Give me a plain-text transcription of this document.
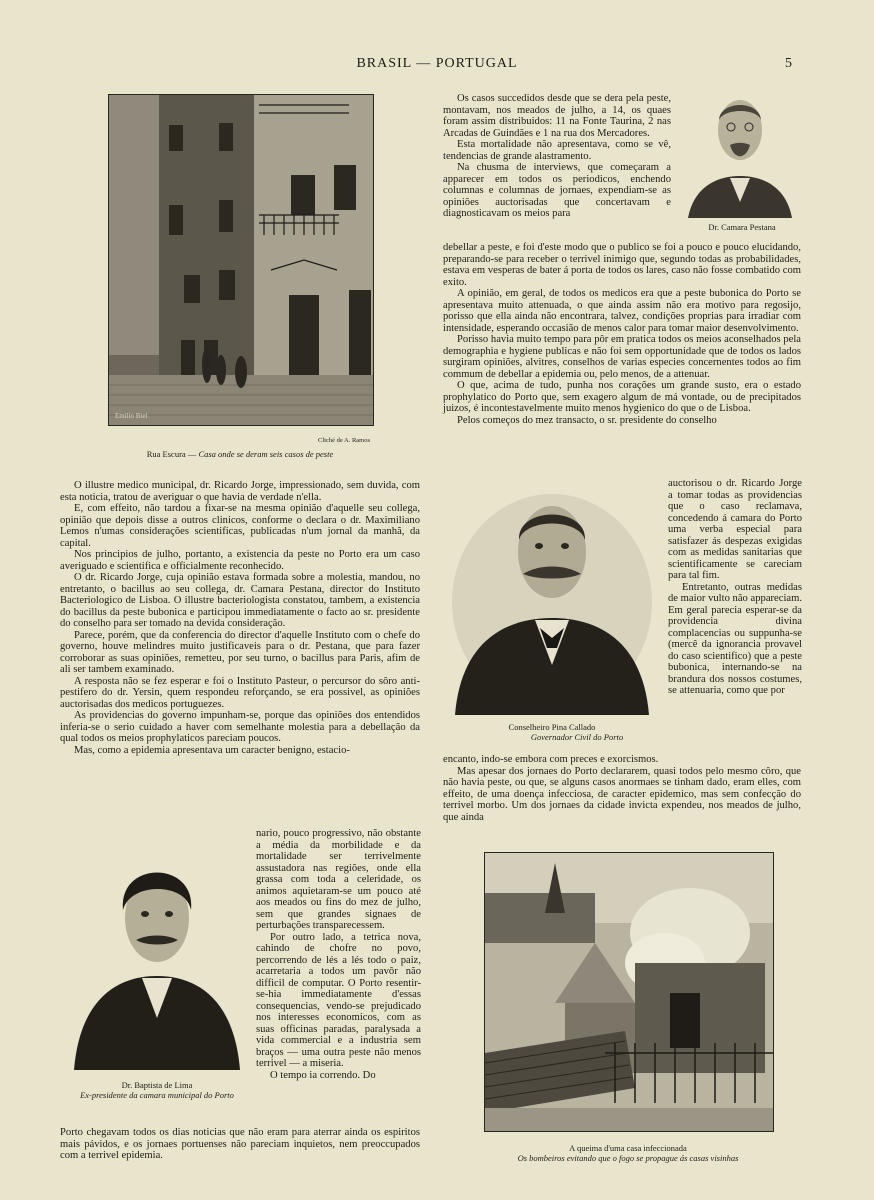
BRASIL — PORTUGAL	5
Emilio Biel
Cliché de A. Ramos
Rua Escura — Casa onde se deram seis casos de peste

Os casos succedidos desde que se dera pela peste, montavam, nos meados de julho, a 14, os quaes foram assim distribuidos: 11 na Fonte Taurina, 2 nas Arcadas de Guindães e 1 na rua dos Mercadores.

Esta mortalidade não apresentava, como se vê, tendencias de grande alastramento.

Na chusma de interviews, que começaram a apparecer em todos os periodicos, enchendo columnas e columnas de jornaes, expendiam-se as opiniões auctorisadas que concertavam e diagnosticavam os meios para

Dr. Camara Pestana

debellar a peste, e foi d'este modo que o publico se foi a pouco e pouco elucidando, preparando-se para receber o terrivel inimigo que, segundo todas as probabilidades, estava em vesperas de bater á porta de todos os lares, caso não fosse combatido com exito.

A opinião, em geral, de todos os medicos era que a peste bubonica do Porto se apresentava muito attenuada, o que ainda assim não era motivo para regosijo, porisso que ella ainda não encontrara, talvez, condições proprias para irradiar com intensidade, esperando occasião de menos calor para tomar maior desenvolvimento.

Porisso havia muito tempo para pôr em pratica todos os meios aconselhados pela demographia e hygiene publicas e não foi sem opportunidade que de todos os lados surgiram opiniões, alvitres, conselhos de varias especies concernentes todos ao fim commum de debellar a epidemia ou, pelo menos, de a attenuar.

O que, acima de tudo, punha nos corações um grande susto, era o estado prophylatico do Porto que, sem exagero algum de má vontade, ou de precipitados juizos, é incontestavelmente muito menos hygienico do que o de Lisboa.

Pelos começos do mez transacto, o sr. presidente do conselho

Conselheiro Pina Callado
Governador Civil do Porto

auctorisou o dr. Ricardo Jorge a tomar todas as providencias que o caso reclamava, concedendo á camara do Porto uma verba especial para satisfazer ás despezas exigidas com as medidas sanitarias que scientificamente se careciam para tal fim.

Entretanto, outras medidas de maior vulto não appareciam. Em geral parecia esperar-se da providencia divina complacencias ou suppunha-se (mercê da ignorancia provavel do caso scientifico) que a peste bubonica, internando-se na brandura dos nossos costumes, se attenuaria, como que por

encanto, indo-se embora com preces e exorcismos.

Mas apesar dos jornaes do Porto declararem, quasi todos pelo mesmo côro, que não havia peste, ou que, se alguns casos anormaes se tinham dado, eram elles, com effeito, de uma doença infecciosa, de caracter epidemico, mas sem confecção do terrivel morbo. Um dos jornaes da cidade invicta expendeu, nos meados de julho, que ainda

O illustre medico municipal, dr. Ricardo Jorge, impressionado, sem duvida, com esta noticia, tratou de averiguar o que havia de verdade n'ella.

E, com effeito, não tardou a fixar-se na mesma opinião d'aquelle seu collega, opinião que depois disse a outros clinicos, conforme o declara o dr. Maximiliano Lemos n'umas considerações scientificas, publicadas n'um jornal da manhã, da capital.

Nos principios de julho, portanto, a existencia da peste no Porto era um caso averiguado e scientifica e officialmente reconhecido.

O dr. Ricardo Jorge, cuja opinião estava formada sobre a molestia, mandou, no entretanto, o bacillus ao seu collega, dr. Camara Pestana, director do Instituto Bacteriologico de Lisboa. O illustre bacteriologista constatou, tambem, a existencia do bacillus da peste bubonica e participou immediatamente o facto ao sr. presidente do conselho para ser tomado na devida consideração.

Parece, porém, que da conferencia do director d'aquelle Instituto com o chefe do governo, houve melindres muito justificaveis para o dr. Pestana, que para fazer corroborar as suas opiniões, remetteu, por seu turno, o bacillus para Paris, afim de ali ser tambem examinado.

A resposta não se fez esperar e foi o Instituto Pasteur, o percursor do sôro anti-pestifero do dr. Yersin, quem respondeu reforçando, se era possivel, as opiniões auctorisadas dos medicos portuguezes.

As providencias do governo impunham-se, porque das opiniões dos entendidos inferia-se o serio cuidado a haver com semelhante molestia para a debellação da qual todos os meios prophylaticos pareciam poucos.

Mas, como a epidemia apresentava um caracter benigno, estacio-

Dr. Baptista de Lima
Ex-presidente da camara municipal do Porto

nario, pouco progressivo, não obstante a média da morbilidade e da mortalidade ser terrivelmente assustadora nas regiões, onde ella grassa com toda a celeridade, os animos aquietaram-se um pouco até aos meados ou fins do mez de julho, sem que grandes signaes de perturbações transparecessem.

Por outro lado, a tetrica nova, cahindo de chofre no povo, percorrendo de lés a lés todo o paiz, acarretaria a todos um pavôr não difficil de computar. O Porto resentir-se-hia immediatamente d'essas consequencias, vendo-se prejudicado nos interesses economicos, com as suas officinas paradas, paralysada a vida commercial e a industria sem braços — uma outra peste não menos terrivel — a miseria.

O tempo ia correndo. Do

Porto chegavam todos os dias noticias que não eram para aterrar ainda os espiritos mais pávidos, e os jornaes portuenses não pareciam inquietos, nem preoccupados com a terrivel epidemia.

A queima d'uma casa infeccionada
Os bombeiros evitando que o fogo se propague ás casas visinhas
